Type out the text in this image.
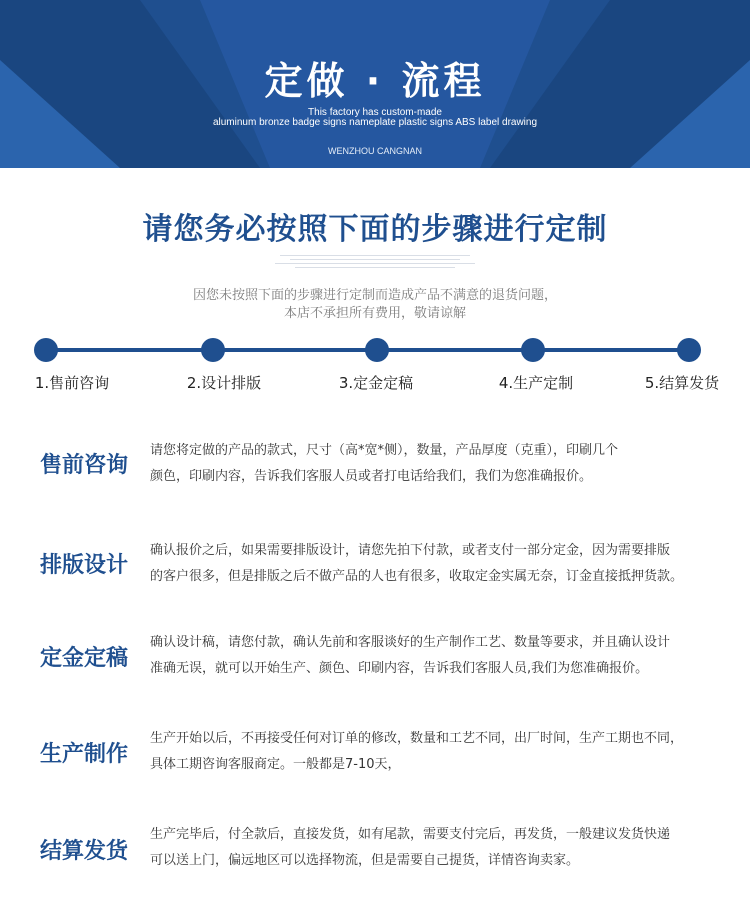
定做 · 流程
This factory has custom-made
aluminum bronze badge signs nameplate plastic signs ABS label drawing
WENZHOU CANGNAN
请您务必按照下面的步骤进行定制
因您未按照下面的步骤进行定制而造成产品不满意的退货问题，
本店不承担所有费用，敬请谅解
1.售前咨询	2.设计排版	3.定金定稿	4.生产定制	5.结算发货
售前咨询
请您将定做的产品的款式，尺寸（高*宽*侧），数量，产品厚度（克重），印刷几个
颜色，印刷内容，告诉我们客服人员或者打电话给我们，我们为您准确报价。
排版设计
确认报价之后，如果需要排版设计，请您先拍下付款，或者支付一部分定金，因为需要排版
的客户很多，但是排版之后不做产品的人也有很多，收取定金实属无奈，订金直接抵押货款。
定金定稿
确认设计稿，请您付款，确认先前和客服谈好的生产制作工艺、数量等要求，并且确认设计
准确无误，就可以开始生产、颜色、印刷内容，告诉我们客服人员,我们为您准确报价。
生产制作
生产开始以后，不再接受任何对订单的修改，数量和工艺不同，出厂时间，生产工期也不同，
具体工期咨询客服商定。一般都是7-10天，
结算发货
生产完毕后，付全款后，直接发货，如有尾款，需要支付完后，再发货，一般建议发货快递
可以送上门，偏远地区可以选择物流，但是需要自己提货，详情咨询卖家。
